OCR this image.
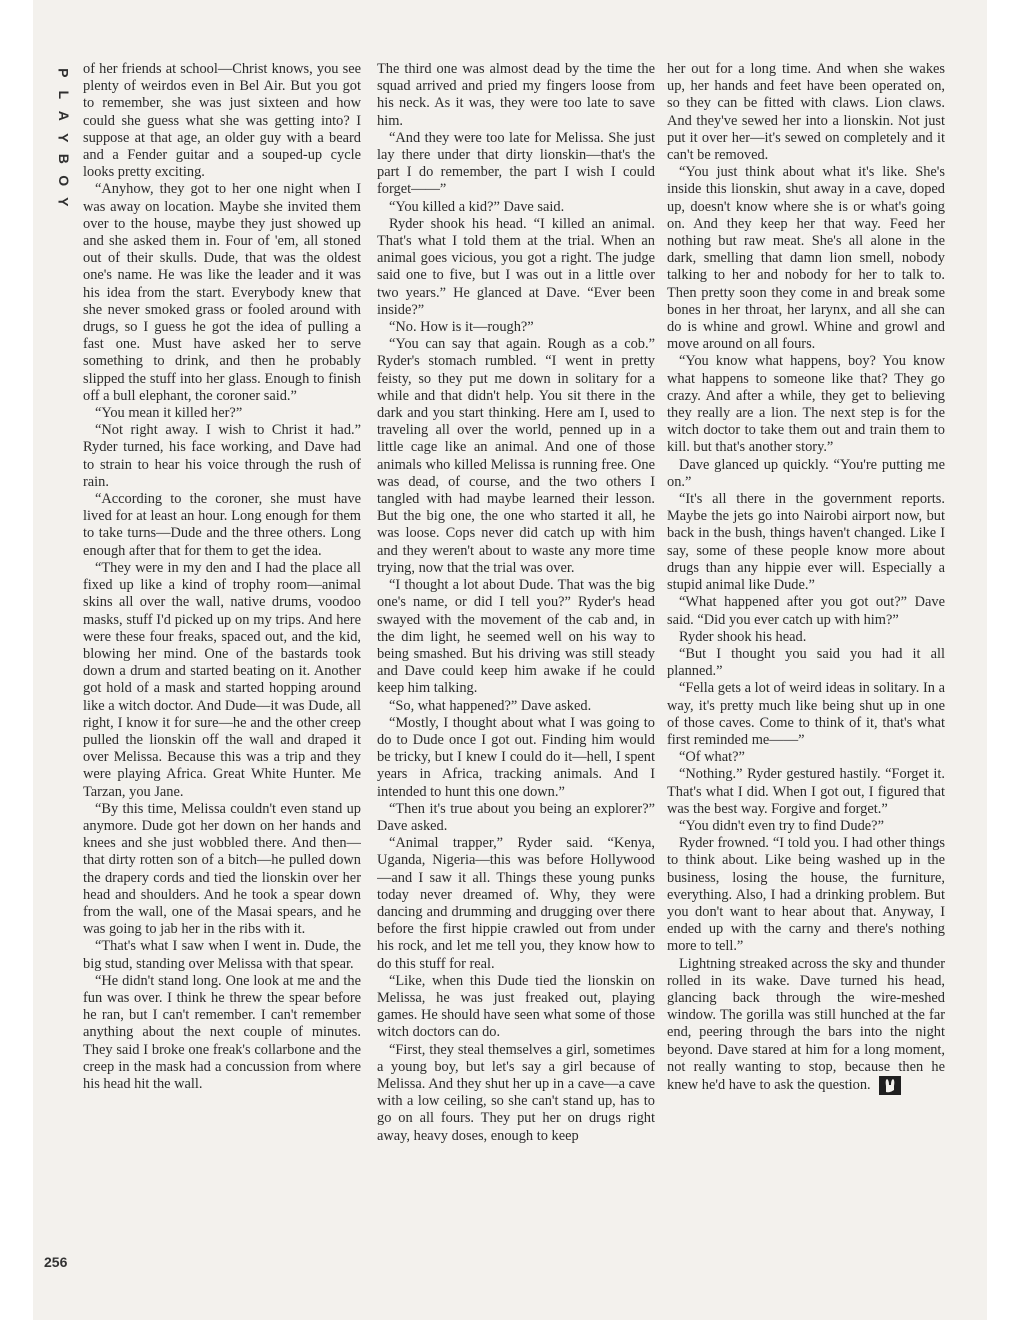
P
L
A
Y
B
O
Y

of her friends at school—Christ knows, you see plenty of weirdos even in Bel Air. But you got to remember, she was just sixteen and how could she guess what she was getting into? I suppose at that age, an older guy with a beard and a Fender guitar and a souped-up cycle looks pretty exciting.

“Anyhow, they got to her one night when I was away on location. Maybe she invited them over to the house, maybe they just showed up and she asked them in. Four of 'em, all stoned out of their skulls. Dude, that was the oldest one's name. He was like the leader and it was his idea from the start. Everybody knew that she never smoked grass or fooled around with drugs, so I guess he got the idea of pulling a fast one. Must have asked her to serve something to drink, and then he probably slipped the stuff into her glass. Enough to finish off a bull elephant, the coroner said.”

“You mean it killed her?”

“Not right away. I wish to Christ it had.” Ryder turned, his face working, and Dave had to strain to hear his voice through the rush of rain.

“According to the coroner, she must have lived for at least an hour. Long enough for them to take turns—Dude and the three others. Long enough after that for them to get the idea.

“They were in my den and I had the place all fixed up like a kind of trophy room—animal skins all over the wall, native drums, voodoo masks, stuff I'd picked up on my trips. And here were these four freaks, spaced out, and the kid, blowing her mind. One of the bastards took down a drum and started beating on it. Another got hold of a mask and started hopping around like a witch doctor. And Dude—it was Dude, all right, I know it for sure—he and the other creep pulled the lionskin off the wall and draped it over Melissa. Because this was a trip and they were playing Africa. Great White Hunter. Me Tarzan, you Jane.

“By this time, Melissa couldn't even stand up anymore. Dude got her down on her hands and knees and she just wobbled there. And then—that dirty rotten son of a bitch—he pulled down the drapery cords and tied the lionskin over her head and shoulders. And he took a spear down from the wall, one of the Masai spears, and he was going to jab her in the ribs with it.

“That's what I saw when I went in. Dude, the big stud, standing over Melissa with that spear.

“He didn't stand long. One look at me and the fun was over. I think he threw the spear before he ran, but I can't remember. I can't remember anything about the next couple of minutes. They said I broke one freak's collarbone and the creep in the mask had a concussion from where his head hit the wall.

The third one was almost dead by the time the squad arrived and pried my fingers loose from his neck. As it was, they were too late to save him.

“And they were too late for Melissa. She just lay there under that dirty lionskin—that's the part I do remember, the part I wish I could forget——”

“You killed a kid?” Dave said.

Ryder shook his head. “I killed an animal. That's what I told them at the trial. When an animal goes vicious, you got a right. The judge said one to five, but I was out in a little over two years.” He glanced at Dave. “Ever been inside?”

“No. How is it—rough?”

“You can say that again. Rough as a cob.” Ryder's stomach rumbled. “I went in pretty feisty, so they put me down in solitary for a while and that didn't help. You sit there in the dark and you start thinking. Here am I, used to traveling all over the world, penned up in a little cage like an animal. And one of those animals who killed Melissa is running free. One was dead, of course, and the two others I tangled with had maybe learned their lesson. But the big one, the one who started it all, he was loose. Cops never did catch up with him and they weren't about to waste any more time trying, now that the trial was over.

“I thought a lot about Dude. That was the big one's name, or did I tell you?” Ryder's head swayed with the movement of the cab and, in the dim light, he seemed well on his way to being smashed. But his driving was still steady and Dave could keep him awake if he could keep him talking.

“So, what happened?” Dave asked.

“Mostly, I thought about what I was going to do to Dude once I got out. Finding him would be tricky, but I knew I could do it—hell, I spent years in Africa, tracking animals. And I intended to hunt this one down.”

“Then it's true about you being an explorer?” Dave asked.

“Animal trapper,” Ryder said. “Kenya, Uganda, Nigeria—this was before Hollywood—and I saw it all. Things these young punks today never dreamed of. Why, they were dancing and drumming and drugging over there before the first hippie crawled out from under his rock, and let me tell you, they know how to do this stuff for real.

“Like, when this Dude tied the lionskin on Melissa, he was just freaked out, playing games. He should have seen what some of those witch doctors can do.

“First, they steal themselves a girl, sometimes a young boy, but let's say a girl because of Melissa. And they shut her up in a cave—a cave with a low ceiling, so she can't stand up, has to go on all fours. They put her on drugs right away, heavy doses, enough to keep

her out for a long time. And when she wakes up, her hands and feet have been operated on, so they can be fitted with claws. Lion claws. And they've sewed her into a lionskin. Not just put it over her—it's sewed on completely and it can't be removed.

“You just think about what it's like. She's inside this lionskin, shut away in a cave, doped up, doesn't know where she is or what's going on. And they keep her that way. Feed her nothing but raw meat. She's all alone in the dark, smelling that damn lion smell, nobody talking to her and nobody for her to talk to. Then pretty soon they come in and break some bones in her throat, her larynx, and all she can do is whine and growl. Whine and growl and move around on all fours.

“You know what happens, boy? You know what happens to someone like that? They go crazy. And after a while, they get to believing they really are a lion. The next step is for the witch doctor to take them out and train them to kill. but that's another story.”

Dave glanced up quickly. “You're putting me on.”

“It's all there in the government reports. Maybe the jets go into Nairobi airport now, but back in the bush, things haven't changed. Like I say, some of these people know more about drugs than any hippie ever will. Especially a stupid animal like Dude.”

“What happened after you got out?” Dave said. “Did you ever catch up with him?”

Ryder shook his head.

“But I thought you said you had it all planned.”

“Fella gets a lot of weird ideas in solitary. In a way, it's pretty much like being shut up in one of those caves. Come to think of it, that's what first reminded me——”

“Of what?”

“Nothing.” Ryder gestured hastily. “Forget it. That's what I did. When I got out, I figured that was the best way. Forgive and forget.”

“You didn't even try to find Dude?”

Ryder frowned. “I told you. I had other things to think about. Like being washed up in the business, losing the house, the furniture, everything. Also, I had a drinking problem. But you don't want to hear about that. Anyway, I ended up with the carny and there's nothing more to tell.”

Lightning streaked across the sky and thunder rolled in its wake. Dave turned his head, glancing back through the wire-meshed window. The gorilla was still hunched at the far end, peering through the bars into the night beyond. Dave stared at him for a long moment, not really wanting to stop, because then he knew he'd have to ask the question.

256
